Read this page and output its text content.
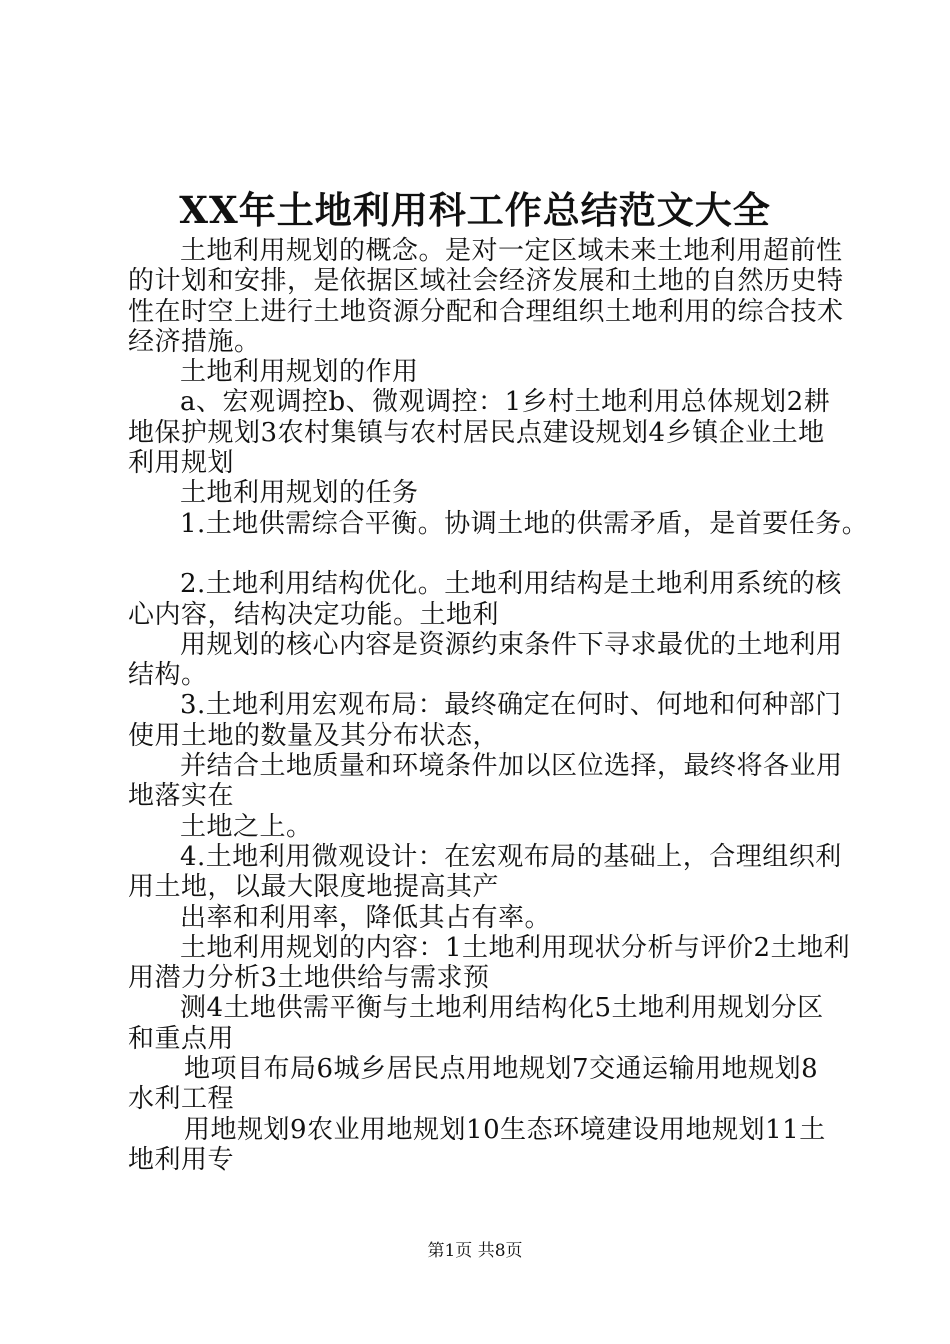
XX年土地利用科工作总结范文大全
土地利用规划的概念。是对一定区域未来土地利用超前性
的计划和安排，是依据区域社会经济发展和土地的自然历史特
性在时空上进行土地资源分配和合理组织土地利用的综合技术
经济措施。
土地利用规划的作用
a、宏观调控b、微观调控：1乡村土地利用总体规划2耕
地保护规划3农村集镇与农村居民点建设规划4乡镇企业土地
利用规划
土地利用规划的任务
1.土地供需综合平衡。协调土地的供需矛盾，是首要任务。
2.土地利用结构优化。土地利用结构是土地利用系统的核
心内容，结构决定功能。土地利
用规划的核心内容是资源约束条件下寻求最优的土地利用
结构。
3.土地利用宏观布局：最终确定在何时、何地和何种部门
使用土地的数量及其分布状态，
并结合土地质量和环境条件加以区位选择，最终将各业用
地落实在
土地之上。
4.土地利用微观设计：在宏观布局的基础上，合理组织利
用土地，以最大限度地提高其产
出率和利用率，降低其占有率。
土地利用规划的内容：1土地利用现状分析与评价2土地利
用潜力分析3土地供给与需求预
测4土地供需平衡与土地利用结构化5土地利用规划分区
和重点用
地项目布局6城乡居民点用地规划7交通运输用地规划8
水利工程
用地规划9农业用地规划10生态环境建设用地规划11土
地利用专
第1页 共8页
